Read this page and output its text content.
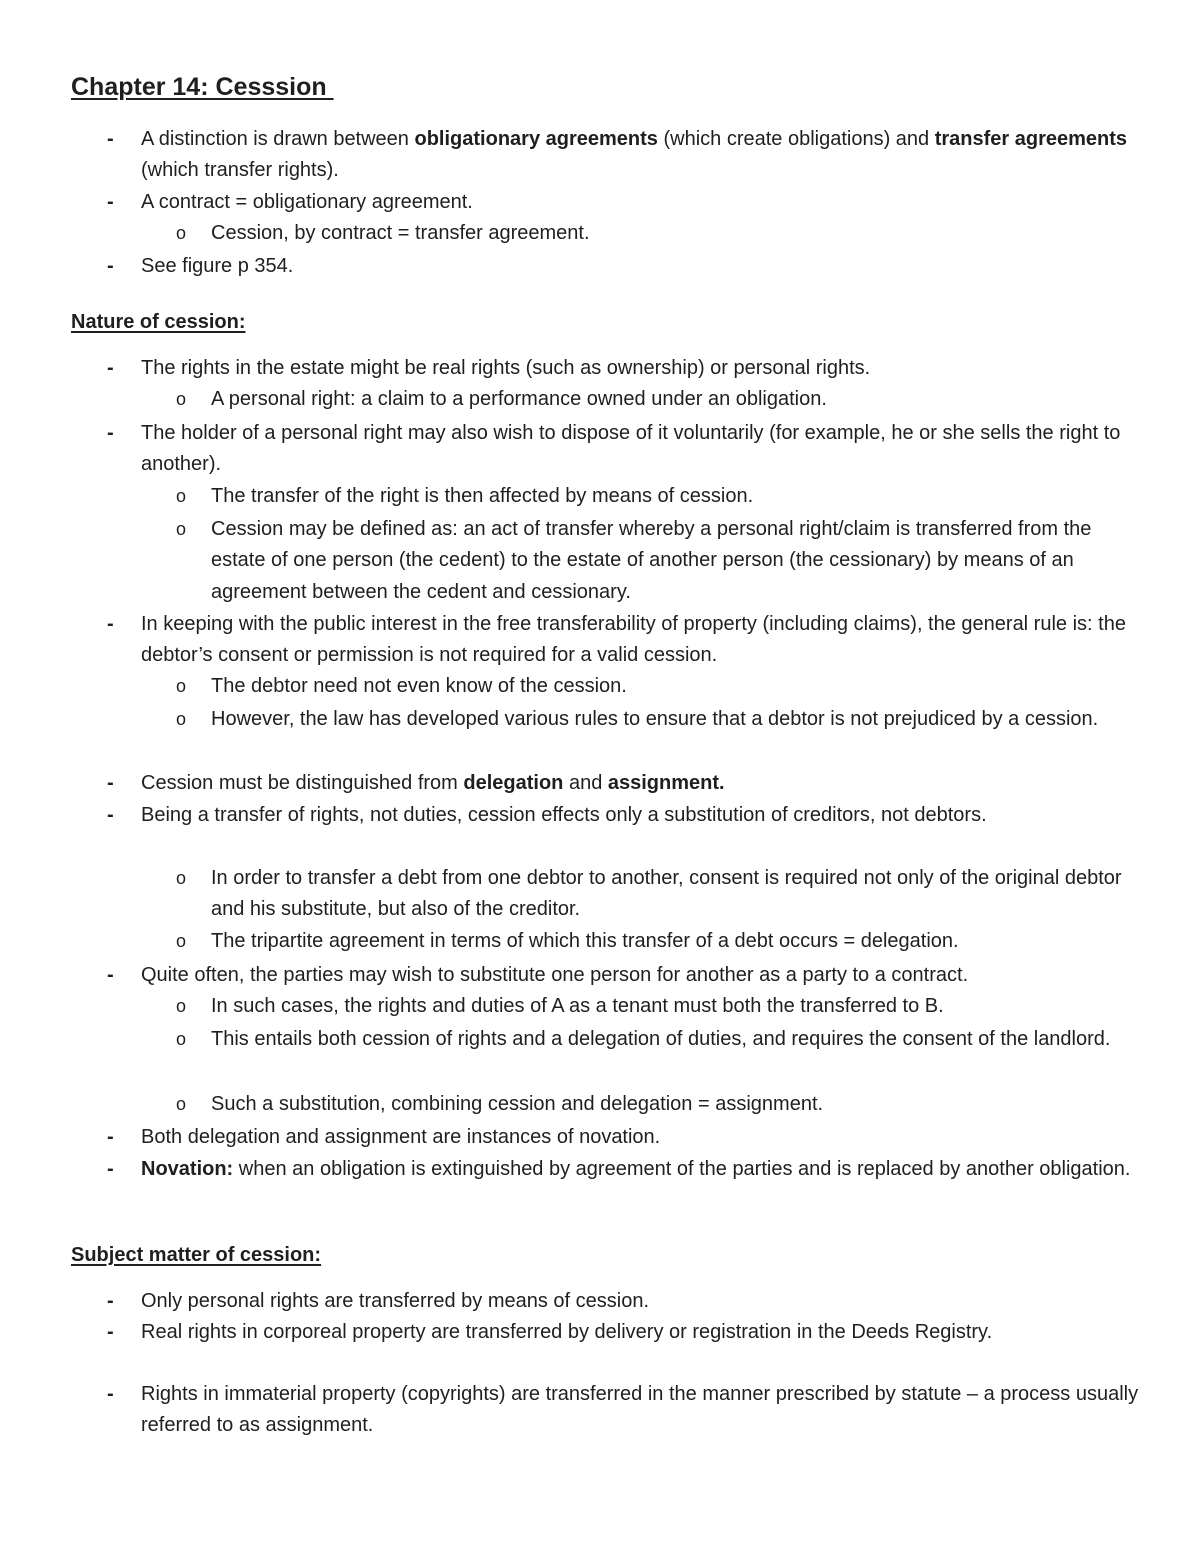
Chapter 14: Cesssion

- A distinction is drawn between obligationary agreements (which create obligations) and transfer agreements (which transfer rights).

- A contract = obligationary agreement.

o Cession, by contract = transfer agreement.

- See figure p 354.

Nature of cession:

- The rights in the estate might be real rights (such as ownership) or personal rights.

o A personal right: a claim to a performance owned under an obligation.

- The holder of a personal right may also wish to dispose of it voluntarily (for example, he or she sells the right to another).

o The transfer of the right is then affected by means of cession.

o Cession may be defined as: an act of transfer whereby a personal right/claim is transferred from the estate of one person (the cedent) to the estate of another person (the cessionary) by means of an agreement between the cedent and cessionary.

- In keeping with the public interest in the free transferability of property (including claims), the general rule is: the debtor’s consent or permission is not required for a valid cession.

o The debtor need not even know of the cession.

o However, the law has developed various rules to ensure that a debtor is not prejudiced by a cession.

- Cession must be distinguished from delegation and assignment.

- Being a transfer of rights, not duties, cession effects only a substitution of creditors, not debtors.

o In order to transfer a debt from one debtor to another, consent is required not only of the original debtor and his substitute, but also of the creditor.

o The tripartite agreement in terms of which this transfer of a debt occurs = delegation.

- Quite often, the parties may wish to substitute one person for another as a party to a contract.

o In such cases, the rights and duties of A as a tenant must both the transferred to B.

o This entails both cession of rights and a delegation of duties, and requires the consent of the landlord.

o Such a substitution, combining cession and delegation = assignment.

- Both delegation and assignment are instances of novation.

- Novation: when an obligation is extinguished by agreement of the parties and is replaced by another obligation.

Subject matter of cession:

- Only personal rights are transferred by means of cession.

- Real rights in corporeal property are transferred by delivery or registration in the Deeds Registry.

- Rights in immaterial property (copyrights) are transferred in the manner prescribed by statute – a process usually referred to as assignment.
